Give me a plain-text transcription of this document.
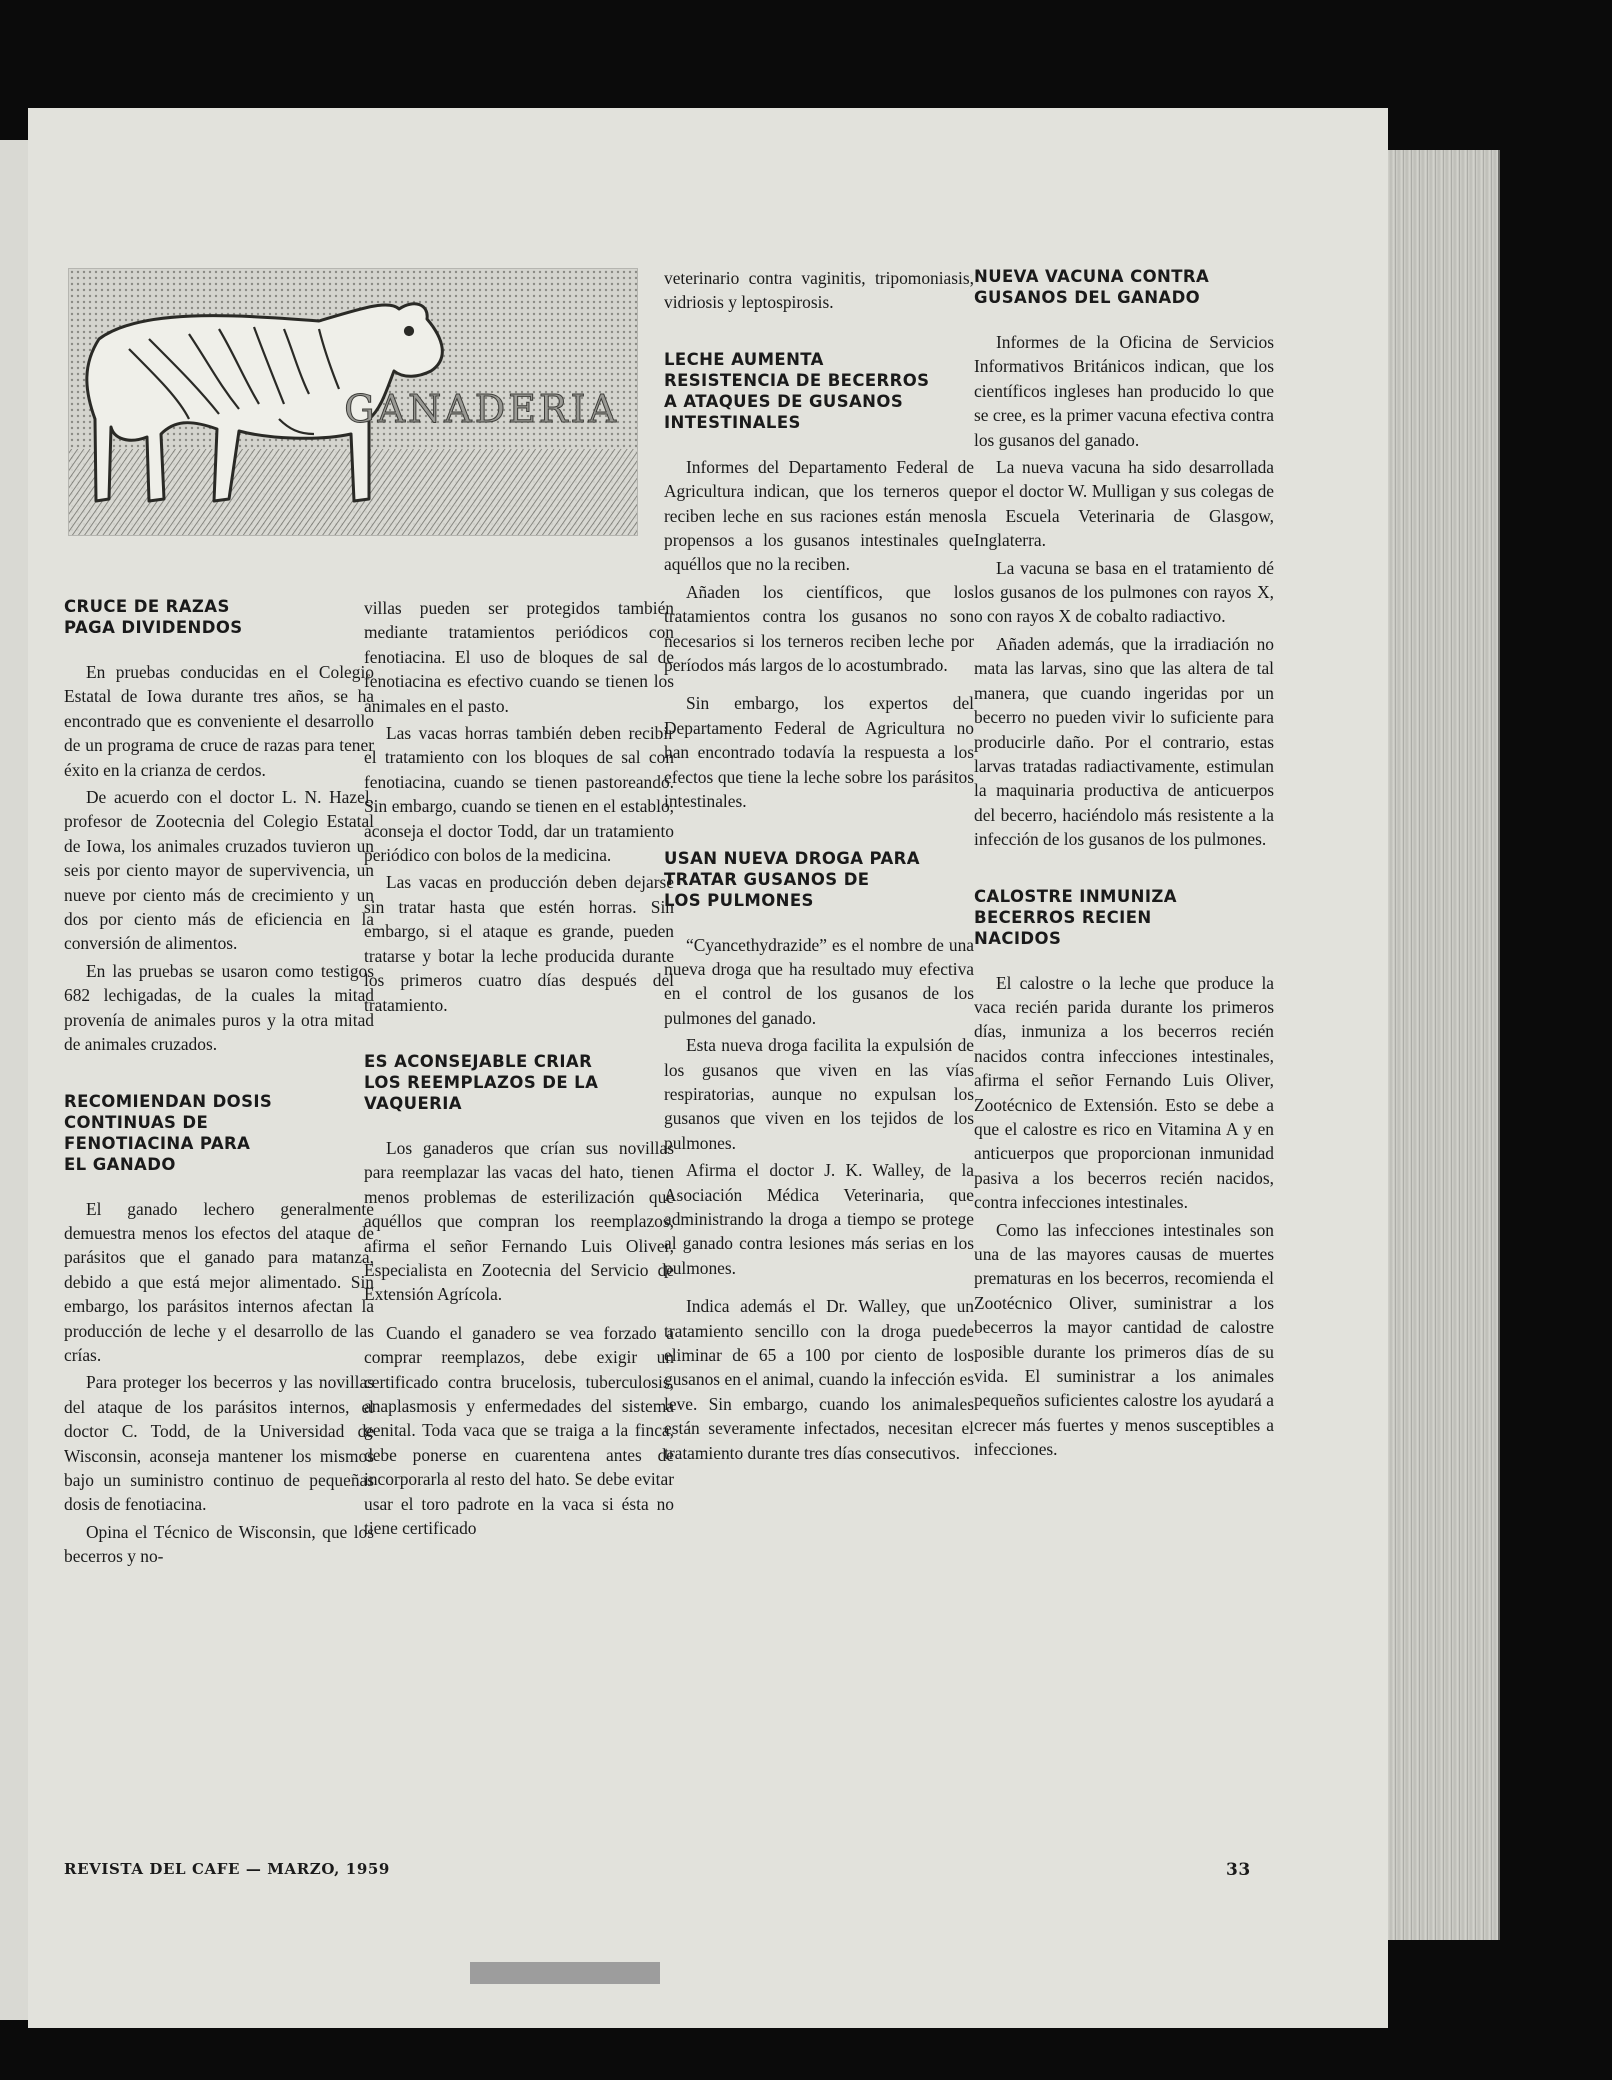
GANADERIA
CRUCE DE RAZAS
PAGA DIVIDENDOS

En pruebas conducidas en el Colegio Estatal de Iowa durante tres años, se ha encontrado que es conveniente el desarrollo de un programa de cruce de razas para tener éxito en la crianza de cerdos.

De acuerdo con el doctor L. N. Hazel, profesor de Zootecnia del Colegio Estatal de Iowa, los animales cruzados tuvieron un seis por ciento mayor de supervivencia, un nueve por ciento más de crecimiento y un dos por ciento más de eficiencia en la conversión de alimentos.

En las pruebas se usaron como testigos 682 lechigadas, de la cuales la mitad provenía de animales puros y la otra mitad de animales cruzados.

RECOMIENDAN DOSIS
CONTINUAS DE
FENOTIACINA PARA
EL GANADO

El ganado lechero generalmente demuestra menos los efectos del ataque de parásitos que el ganado para matanza, debido a que está mejor alimentado. Sin embargo, los parásitos internos afectan la producción de leche y el desarrollo de las crías.

Para proteger los becerros y las novillas del ataque de los parásitos internos, el doctor C. Todd, de la Universidad de Wisconsin, aconseja mantener los mismos bajo un suministro continuo de pequeñas dosis de fenotiacina.

Opina el Técnico de Wisconsin, que los becerros y no-

villas pueden ser protegidos también mediante tratamientos periódicos con fenotiacina. El uso de bloques de sal de fenotiacina es efectivo cuando se tienen los animales en el pasto.

Las vacas horras también deben recibir el tratamiento con los bloques de sal con fenotiacina, cuando se tienen pastoreando. Sin embargo, cuando se tienen en el establo, aconseja el doctor Todd, dar un tratamiento periódico con bolos de la medicina.

Las vacas en producción deben dejarse sin tratar hasta que estén horras. Sin embargo, si el ataque es grande, pueden tratarse y botar la leche producida durante los primeros cuatro días después del tratamiento.

ES ACONSEJABLE CRIAR
LOS REEMPLAZOS DE LA
VAQUERIA

Los ganaderos que crían sus novillas para reemplazar las vacas del hato, tienen menos problemas de esterilización que aquéllos que compran los reemplazos, afirma el señor Fernando Luis Oliver, Especialista en Zootecnia del Servicio de Extensión Agrícola.

Cuando el ganadero se vea forzado a comprar reemplazos, debe exigir un certificado contra brucelosis, tuberculosis, anaplasmosis y enfermedades del sistema genital. Toda vaca que se traiga a la finca, debe ponerse en cuarentena antes de incorporarla al resto del hato. Se debe evitar usar el toro padrote en la vaca si ésta no tiene certificado

veterinario contra vaginitis, tripomoniasis, vidriosis y leptospirosis.

LECHE AUMENTA
RESISTENCIA DE BECERROS
A ATAQUES DE GUSANOS
INTESTINALES

Informes del Departamento Federal de Agricultura indican, que los terneros que reciben leche en sus raciones están menos propensos a los gusanos intestinales que aquéllos que no la reciben.

Añaden los científicos, que los tratamientos contra los gusanos no son necesarios si los terneros reciben leche por períodos más largos de lo acostumbrado.

Sin embargo, los expertos del Departamento Federal de Agricultura no han encontrado todavía la respuesta a los efectos que tiene la leche sobre los parásitos intestinales.

USAN NUEVA DROGA PARA
TRATAR GUSANOS DE
LOS PULMONES

“Cyancethydrazide” es el nombre de una nueva droga que ha resultado muy efectiva en el control de los gusanos de los pulmones del ganado.

Esta nueva droga facilita la expulsión de los gusanos que viven en las vías respiratorias, aunque no expulsan los gusanos que viven en los tejidos de los pulmones.

Afirma el doctor J. K. Walley, de la Asociación Médica Veterinaria, que administrando la droga a tiempo se protege al ganado contra lesiones más serias en los pulmones.

Indica además el Dr. Walley, que un tratamiento sencillo con la droga puede eliminar de 65 a 100 por ciento de los gusanos en el animal, cuando la infección es leve. Sin embargo, cuando los animales están severamente infectados, necesitan el tratamiento durante tres días consecutivos.

NUEVA VACUNA CONTRA
GUSANOS DEL GANADO

Informes de la Oficina de Servicios Informativos Británicos indican, que los científicos ingleses han producido lo que se cree, es la primer vacuna efectiva contra los gusanos del ganado.

La nueva vacuna ha sido desarrollada por el doctor W. Mulligan y sus colegas de la Escuela Veterinaria de Glasgow, Inglaterra.

La vacuna se basa en el tratamiento dé los gusanos de los pulmones con rayos X, o con rayos X de cobalto radiactivo.

Añaden además, que la irradiación no mata las larvas, sino que las altera de tal manera, que cuando ingeridas por un becerro no pueden vivir lo suficiente para producirle daño. Por el contrario, estas larvas tratadas radiactivamente, estimulan la maquinaria productiva de anticuerpos del becerro, haciéndolo más resistente a la infección de los gusanos de los pulmones.

CALOSTRE INMUNIZA
BECERROS RECIEN
NACIDOS

El calostre o la leche que produce la vaca recién parida durante los primeros días, inmuniza a los becerros recién nacidos contra infecciones intestinales, afirma el señor Fernando Luis Oliver, Zootécnico de Extensión. Esto se debe a que el calostre es rico en Vitamina A y en anticuerpos que proporcionan inmunidad pasiva a los becerros recién nacidos, contra infecciones intestinales.

Como las infecciones intestinales son una de las mayores causas de muertes prematuras en los becerros, recomienda el Zootécnico Oliver, suministrar a los becerros la mayor cantidad de calostre posible durante los primeros días de su vida. El suministrar a los animales pequeños suficientes calostre los ayudará a crecer más fuertes y menos susceptibles a infecciones.

REVISTA DEL CAFE — MARZO, 1959	33
